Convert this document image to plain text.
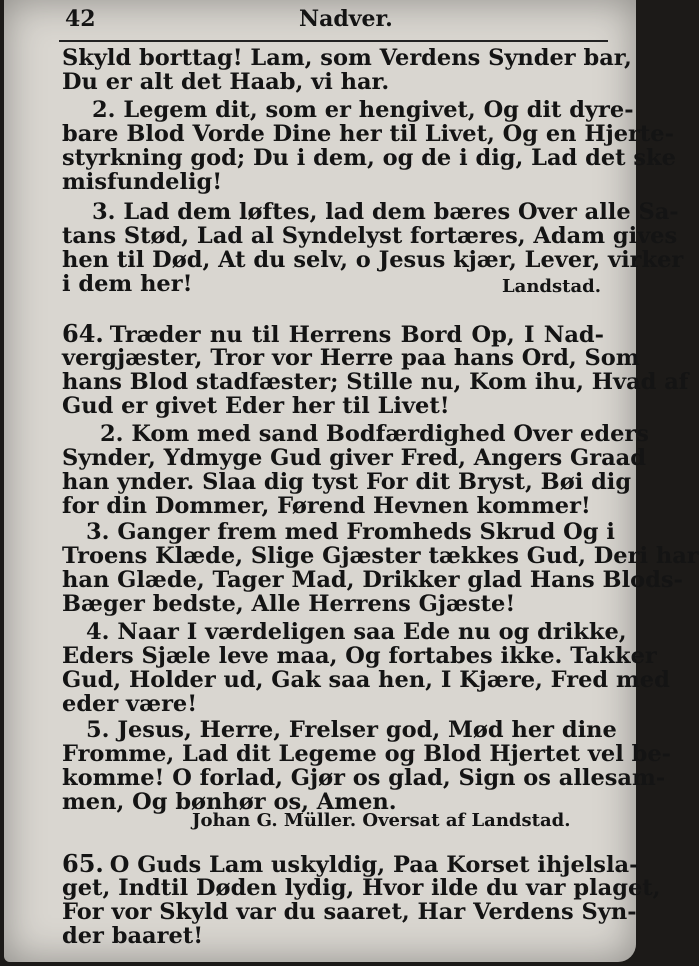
42	Nadver.
Skyld borttag! Lam, som Verdens Synder bar,
Du er alt det Haab, vi har.
2. Legem dit, som er hengivet, Og dit dyre-
bare Blod Vorde Dine her til Livet, Og en Hjerte-
styrkning god; Du i dem, og de i dig, Lad det ske
misfundelig!
3. Lad dem løftes, lad dem bæres Over alle Sa-
tans Stød, Lad al Syndelyst fortæres, Adam gives
hen til Død, At du selv, o Jesus kjær, Lever, virker
i dem her!	Landstad.
64. Træder nu til Herrens Bord Op, I Nad-
vergjæster, Tror vor Herre paa hans Ord, Som
hans Blod stadfæster; Stille nu, Kom ihu, Hvad af
Gud er givet Eder her til Livet!
2. Kom med sand Bodfærdighed Over eders
Synder, Ydmyge Gud giver Fred, Angers Graad
han ynder. Slaa dig tyst For dit Bryst, Bøi dig
for din Dommer, Førend Hevnen kommer!
3. Ganger frem med Fromheds Skrud Og i
Troens Klæde, Slige Gjæster tækkes Gud, Deri har
han Glæde, Tager Mad, Drikker glad Hans Blods-
Bæger bedste, Alle Herrens Gjæste!
4. Naar I værdeligen saa Ede nu og drikke,
Eders Sjæle leve maa, Og fortabes ikke. Takker
Gud, Holder ud, Gak saa hen, I Kjære, Fred med
eder være!
5. Jesus, Herre, Frelser god, Mød her dine
Fromme, Lad dit Legeme og Blod Hjertet vel be-
komme! O forlad, Gjør os glad, Sign os allesam-
men, Og bønhør os, Amen.
Johan G. Müller. Oversat af Landstad.
65. O Guds Lam uskyldig, Paa Korset ihjelsla-
get, Indtil Døden lydig, Hvor ilde du var plaget,
For vor Skyld var du saaret, Har Verdens Syn-
der baaret!
